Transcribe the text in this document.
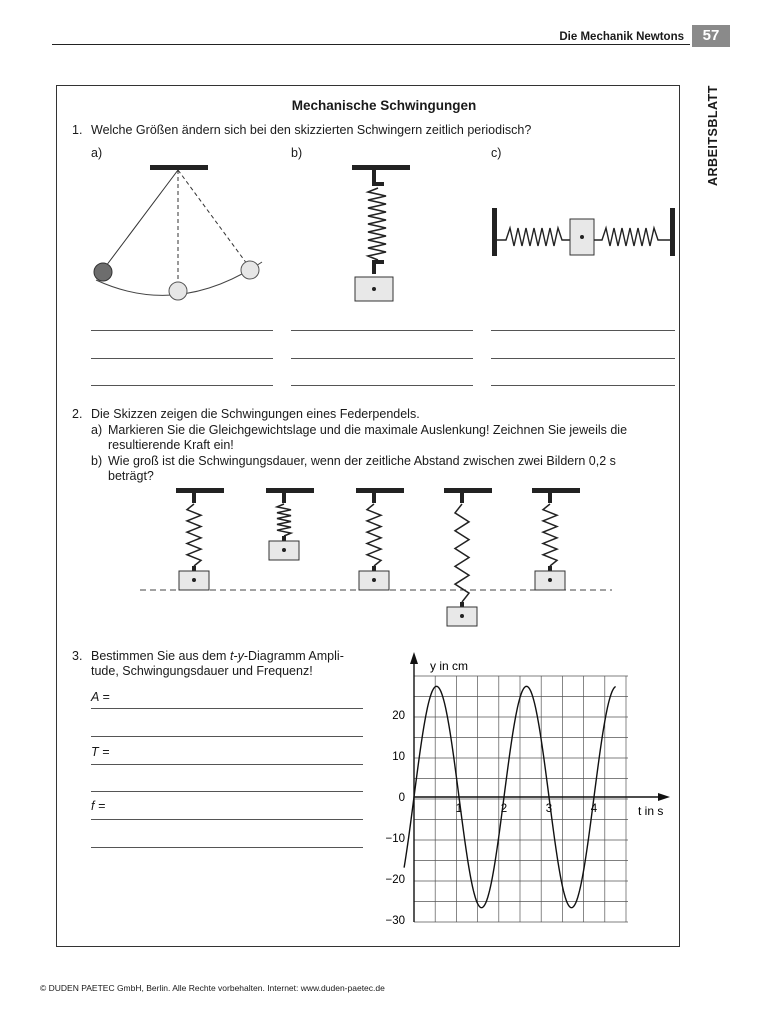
Die Mechanik Newtons	57
ARBEITSBLATT
Mechanische Schwingungen
1. Welche Größen ändern sich bei den skizzierten Schwingern zeitlich periodisch?
a)	b)	c)
2. Die Skizzen zeigen die Schwingungen eines Federpendels.
a) Markieren Sie die Gleichgewichtslage und die maximale Auslenkung! Zeichnen Sie jeweils die
resultierende Kraft ein!
b) Wie groß ist die Schwingungsdauer, wenn der zeitliche Abstand zwischen zwei Bildern 0,2 s
beträgt?
3. Bestimmen Sie aus dem t-y-Diagramm Ampli-
tude, Schwingungsdauer und Frequenz!
A =
T =
f =
y in cm
t in s
20
10
0
−10
−20
−30
1	2	3	4
© DUDEN PAETEC GmbH, Berlin. Alle Rechte vorbehalten. Internet: www.duden-paetec.de
